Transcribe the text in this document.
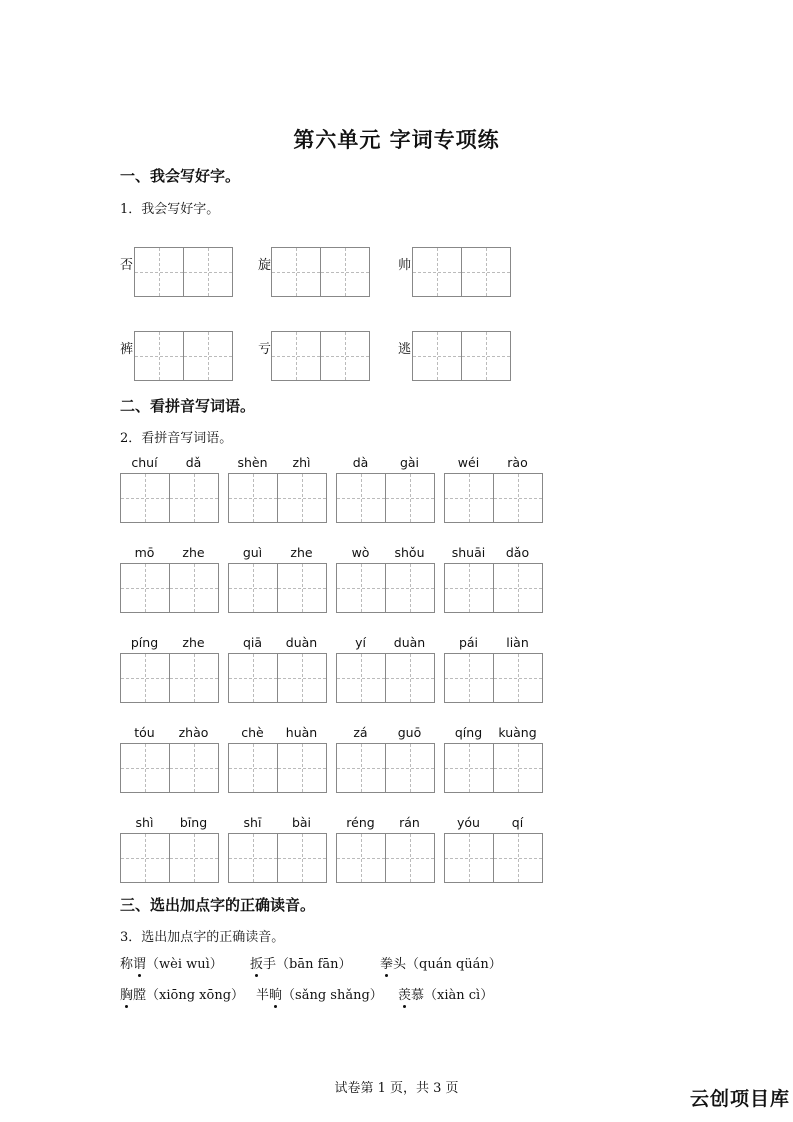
第六单元 字词专项练
一、我会写好字。
1．我会写好字。
否	旋	帅
裤	亏	逃
二、看拼音写词语。
2．看拼音写词语。
chuí	dǎ	shèn	zhì	dà	gài	wéi	rào
mō	zhe	guì	zhe	wò	shǒu	shuāi	dǎo
píng	zhe	qiā	duàn	yí	duàn	pái	liàn
tóu	zhào	chè	huàn	zá	guō	qíng	kuàng
shì	bīng	shī	bài	réng	rán	yóu	qí
三、选出加点字的正确读音。
3．选出加点字的正确读音。
称谓（wèi wuì） 扳手（bān fān） 拳头（quán qüán）
胸膛（xiōng xōng） 半晌（sǎng shǎng） 羡慕（xiàn cì）
试卷第 1 页，共 3 页	云创项目库
